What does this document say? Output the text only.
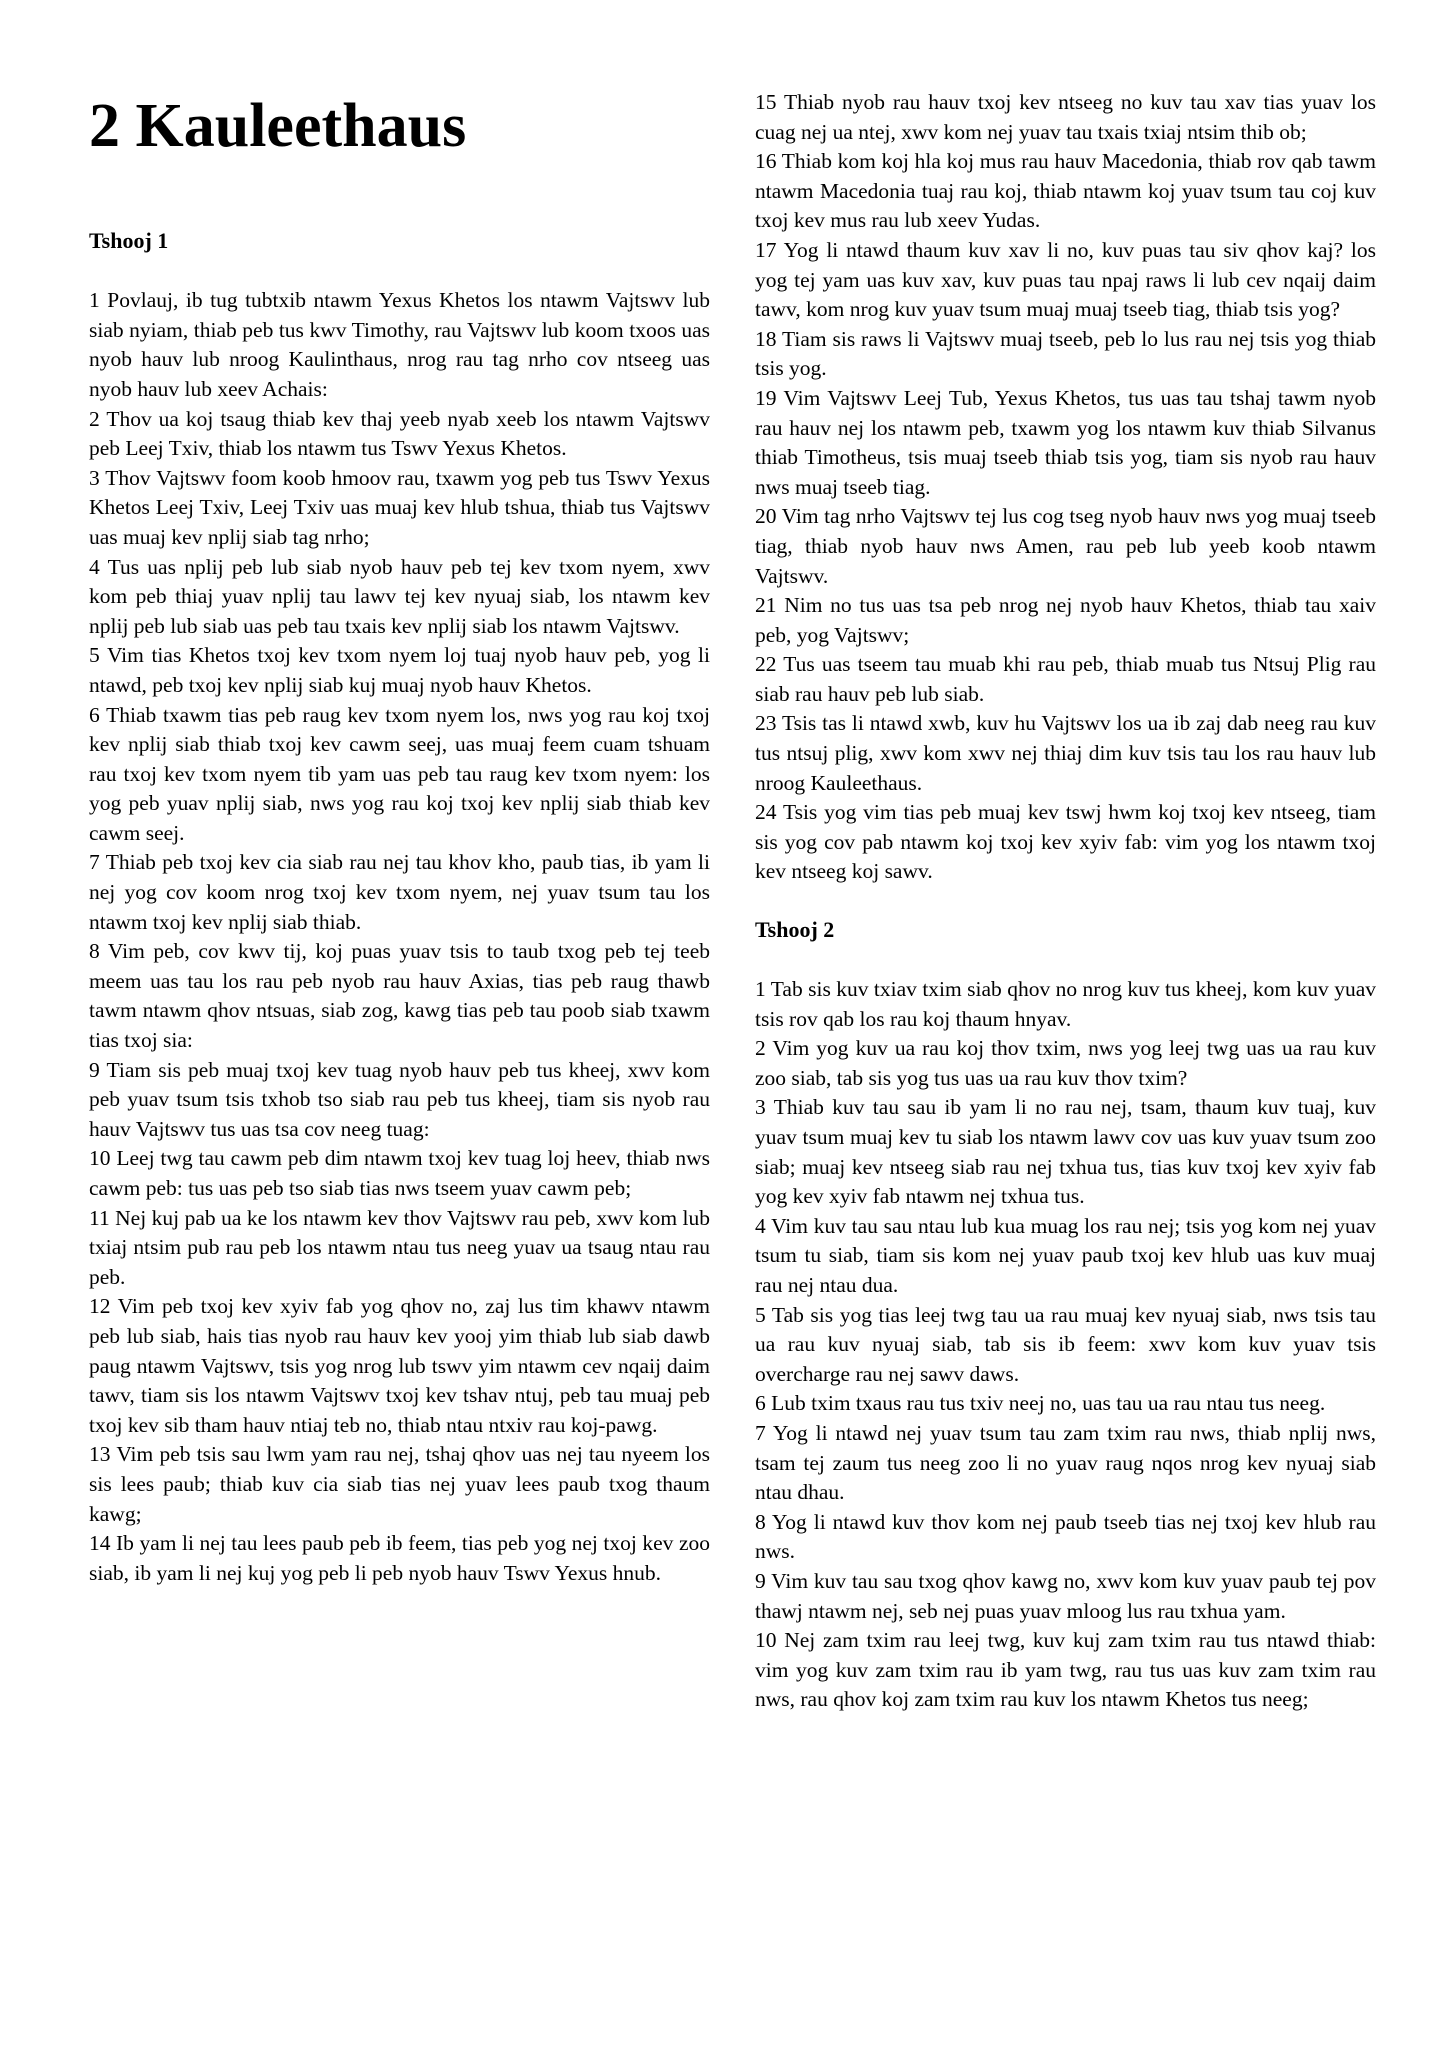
2 Kauleethaus
Tshooj 1

1 Povlauj, ib tug tubtxib ntawm Yexus Khetos los ntawm Vajtswv lub siab nyiam, thiab peb tus kwv Timothy, rau Vajtswv lub koom txoos uas nyob hauv lub nroog Kaulinthaus, nrog rau tag nrho cov ntseeg uas nyob hauv lub xeev Achais:

2 Thov ua koj tsaug thiab kev thaj yeeb nyab xeeb los ntawm Vajtswv peb Leej Txiv, thiab los ntawm tus Tswv Yexus Khetos.

3 Thov Vajtswv foom koob hmoov rau, txawm yog peb tus Tswv Yexus Khetos Leej Txiv, Leej Txiv uas muaj kev hlub tshua, thiab tus Vajtswv uas muaj kev nplij siab tag nrho;

4 Tus uas nplij peb lub siab nyob hauv peb tej kev txom nyem, xwv kom peb thiaj yuav nplij tau lawv tej kev nyuaj siab, los ntawm kev nplij peb lub siab uas peb tau txais kev nplij siab los ntawm Vajtswv.

5 Vim tias Khetos txoj kev txom nyem loj tuaj nyob hauv peb, yog li ntawd, peb txoj kev nplij siab kuj muaj nyob hauv Khetos.

6 Thiab txawm tias peb raug kev txom nyem los, nws yog rau koj txoj kev nplij siab thiab txoj kev cawm seej, uas muaj feem cuam tshuam rau txoj kev txom nyem tib yam uas peb tau raug kev txom nyem: los yog peb yuav nplij siab, nws yog rau koj txoj kev nplij siab thiab kev cawm seej.

7 Thiab peb txoj kev cia siab rau nej tau khov kho, paub tias, ib yam li nej yog cov koom nrog txoj kev txom nyem, nej yuav tsum tau los ntawm txoj kev nplij siab thiab.

8 Vim peb, cov kwv tij, koj puas yuav tsis to taub txog peb tej teeb meem uas tau los rau peb nyob rau hauv Axias, tias peb raug thawb tawm ntawm qhov ntsuas, siab zog, kawg tias peb tau poob siab txawm tias txoj sia:

9 Tiam sis peb muaj txoj kev tuag nyob hauv peb tus kheej, xwv kom peb yuav tsum tsis txhob tso siab rau peb tus kheej, tiam sis nyob rau hauv Vajtswv tus uas tsa cov neeg tuag:

10 Leej twg tau cawm peb dim ntawm txoj kev tuag loj heev, thiab nws cawm peb: tus uas peb tso siab tias nws tseem yuav cawm peb;

11 Nej kuj pab ua ke los ntawm kev thov Vajtswv rau peb, xwv kom lub txiaj ntsim pub rau peb los ntawm ntau tus neeg yuav ua tsaug ntau rau peb.

12 Vim peb txoj kev xyiv fab yog qhov no, zaj lus tim khawv ntawm peb lub siab, hais tias nyob rau hauv kev yooj yim thiab lub siab dawb paug ntawm Vajtswv, tsis yog nrog lub tswv yim ntawm cev nqaij daim tawv, tiam sis los ntawm Vajtswv txoj kev tshav ntuj, peb tau muaj peb txoj kev sib tham hauv ntiaj teb no, thiab ntau ntxiv rau koj-pawg.

13 Vim peb tsis sau lwm yam rau nej, tshaj qhov uas nej tau nyeem los sis lees paub; thiab kuv cia siab tias nej yuav lees paub txog thaum kawg;

14 Ib yam li nej tau lees paub peb ib feem, tias peb yog nej txoj kev zoo siab, ib yam li nej kuj yog peb li peb nyob hauv Tswv Yexus hnub.

15 Thiab nyob rau hauv txoj kev ntseeg no kuv tau xav tias yuav los cuag nej ua ntej, xwv kom nej yuav tau txais txiaj ntsim thib ob;

16 Thiab kom koj hla koj mus rau hauv Macedonia, thiab rov qab tawm ntawm Macedonia tuaj rau koj, thiab ntawm koj yuav tsum tau coj kuv txoj kev mus rau lub xeev Yudas.

17 Yog li ntawd thaum kuv xav li no, kuv puas tau siv qhov kaj? los yog tej yam uas kuv xav, kuv puas tau npaj raws li lub cev nqaij daim tawv, kom nrog kuv yuav tsum muaj muaj tseeb tiag, thiab tsis yog?

18 Tiam sis raws li Vajtswv muaj tseeb, peb lo lus rau nej tsis yog thiab tsis yog.

19 Vim Vajtswv Leej Tub, Yexus Khetos, tus uas tau tshaj tawm nyob rau hauv nej los ntawm peb, txawm yog los ntawm kuv thiab Silvanus thiab Timotheus, tsis muaj tseeb thiab tsis yog, tiam sis nyob rau hauv nws muaj tseeb tiag.

20 Vim tag nrho Vajtswv tej lus cog tseg nyob hauv nws yog muaj tseeb tiag, thiab nyob hauv nws Amen, rau peb lub yeeb koob ntawm Vajtswv.

21 Nim no tus uas tsa peb nrog nej nyob hauv Khetos, thiab tau xaiv peb, yog Vajtswv;

22 Tus uas tseem tau muab khi rau peb, thiab muab tus Ntsuj Plig rau siab rau hauv peb lub siab.

23 Tsis tas li ntawd xwb, kuv hu Vajtswv los ua ib zaj dab neeg rau kuv tus ntsuj plig, xwv kom xwv nej thiaj dim kuv tsis tau los rau hauv lub nroog Kauleethaus.

24 Tsis yog vim tias peb muaj kev tswj hwm koj txoj kev ntseeg, tiam sis yog cov pab ntawm koj txoj kev xyiv fab: vim yog los ntawm txoj kev ntseeg koj sawv.

Tshooj 2

1 Tab sis kuv txiav txim siab qhov no nrog kuv tus kheej, kom kuv yuav tsis rov qab los rau koj thaum hnyav.

2 Vim yog kuv ua rau koj thov txim, nws yog leej twg uas ua rau kuv zoo siab, tab sis yog tus uas ua rau kuv thov txim?

3 Thiab kuv tau sau ib yam li no rau nej, tsam, thaum kuv tuaj, kuv yuav tsum muaj kev tu siab los ntawm lawv cov uas kuv yuav tsum zoo siab; muaj kev ntseeg siab rau nej txhua tus, tias kuv txoj kev xyiv fab yog kev xyiv fab ntawm nej txhua tus.

4 Vim kuv tau sau ntau lub kua muag los rau nej; tsis yog kom nej yuav tsum tu siab, tiam sis kom nej yuav paub txoj kev hlub uas kuv muaj rau nej ntau dua.

5 Tab sis yog tias leej twg tau ua rau muaj kev nyuaj siab, nws tsis tau ua rau kuv nyuaj siab, tab sis ib feem: xwv kom kuv yuav tsis overcharge rau nej sawv daws.

6 Lub txim txaus rau tus txiv neej no, uas tau ua rau ntau tus neeg.

7 Yog li ntawd nej yuav tsum tau zam txim rau nws, thiab nplij nws, tsam tej zaum tus neeg zoo li no yuav raug nqos nrog kev nyuaj siab ntau dhau.

8 Yog li ntawd kuv thov kom nej paub tseeb tias nej txoj kev hlub rau nws.

9 Vim kuv tau sau txog qhov kawg no, xwv kom kuv yuav paub tej pov thawj ntawm nej, seb nej puas yuav mloog lus rau txhua yam.

10 Nej zam txim rau leej twg, kuv kuj zam txim rau tus ntawd thiab: vim yog kuv zam txim rau ib yam twg, rau tus uas kuv zam txim rau nws, rau qhov koj zam txim rau kuv los ntawm Khetos tus neeg;
